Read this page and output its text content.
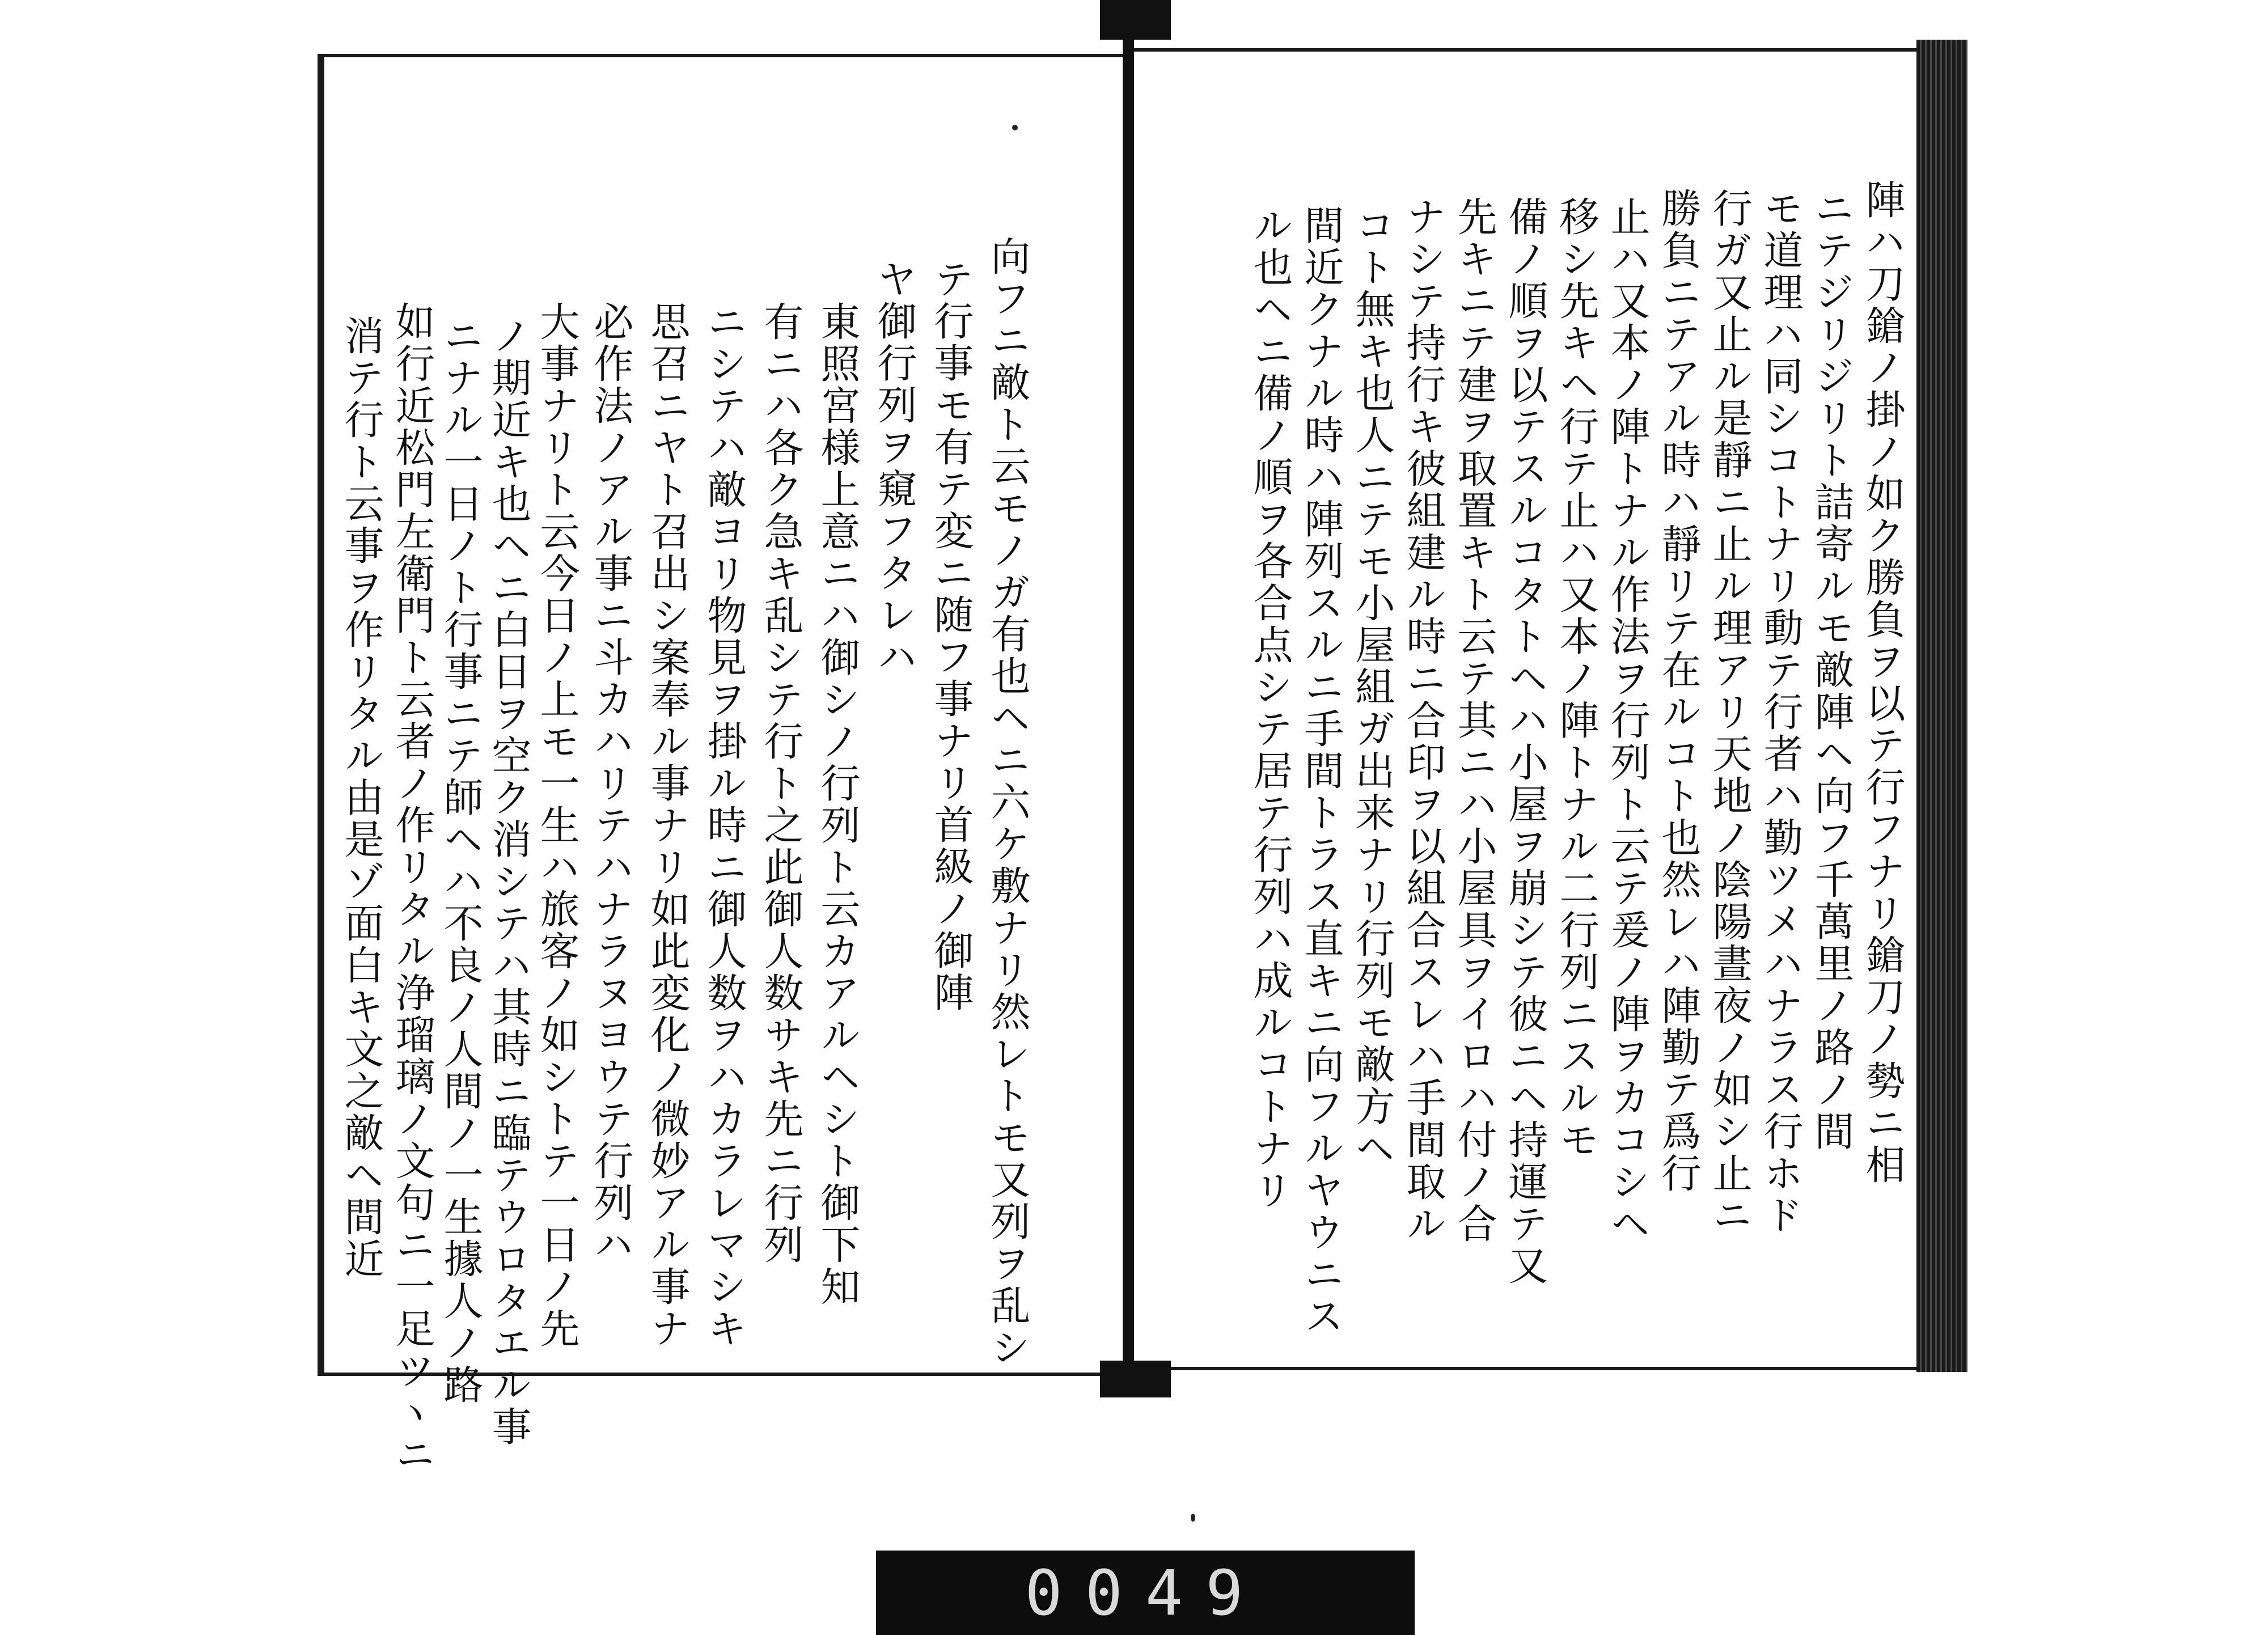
向フニ敵ト云モノガ有也ヘニ六ケ敷ナリ然レトモ又列ヲ乱シ
テ行事モ有テ変ニ随フ事ナリ首級ノ御陣
ヤ御行列ヲ窺フタレハ
東照宮様上意ニハ御シノ行列ト云カアルヘシト御下知
有ニハ各ク急キ乱シテ行ト之此御人数サキ先ニ行列
ニシテハ敵ヨリ物見ヲ掛ル時ニ御人数ヲハカラレマシキ
思召ニヤト召出シ案奉ル事ナリ如此変化ノ微妙アル事ナ
必作法ノアル事ニ斗カハリテハナラヌヨウテ行列ハ
大事ナリト云今日ノ上モ一生ハ旅客ノ如シトテ一日ノ先
ノ期近キ也ヘニ白日ヲ空ク消シテハ其時ニ臨テウロタエル事
ニナル一日ノト行事ニテ師ヘハ不良ノ人間ノ一生據人ノ路
如行近松門左衛門ト云者ノ作リタル浄瑠璃ノ文句ニ一足ツヽニ
消テ行ト云事ヲ作リタル由是ゾ面白キ文之敵ヘ間近	陣ハ刀鎗ノ掛ノ如ク勝負ヲ以テ行フナリ鎗刀ノ勢ニ相
ニテジリジリト詰寄ルモ敵陣ヘ向フ千萬里ノ路ノ間
モ道理ハ同シコトナリ動テ行者ハ勤ツメハナラス行ホド
行ガ又止ル是靜ニ止ル理アリ天地ノ陰陽晝夜ノ如シ止ニ
勝負ニテアル時ハ靜リテ在ルコト也然レハ陣勤テ爲行
止ハ又本ノ陣トナル作法ヲ行列ト云テ爰ノ陣ヲカコシヘ
移シ先キヘ行テ止ハ又本ノ陣トナル二行列ニスルモ
備ノ順ヲ以テスルコタトヘハ小屋ヲ崩シテ彼ニヘ持運テ又
先キニテ建ヲ取置キト云テ其ニハ小屋具ヲイロハ付ノ合
ナシテ持行キ彼組建ル時ニ合印ヲ以組合スレハ手間取ル
コト無キ也人ニテモ小屋組ガ出来ナリ行列モ敵方ヘ
間近クナル時ハ陣列スルニ手間トラス直キニ向フルヤウニス
ル也ヘニ備ノ順ヲ各合点シテ居テ行列ハ成ルコトナリ
0049
